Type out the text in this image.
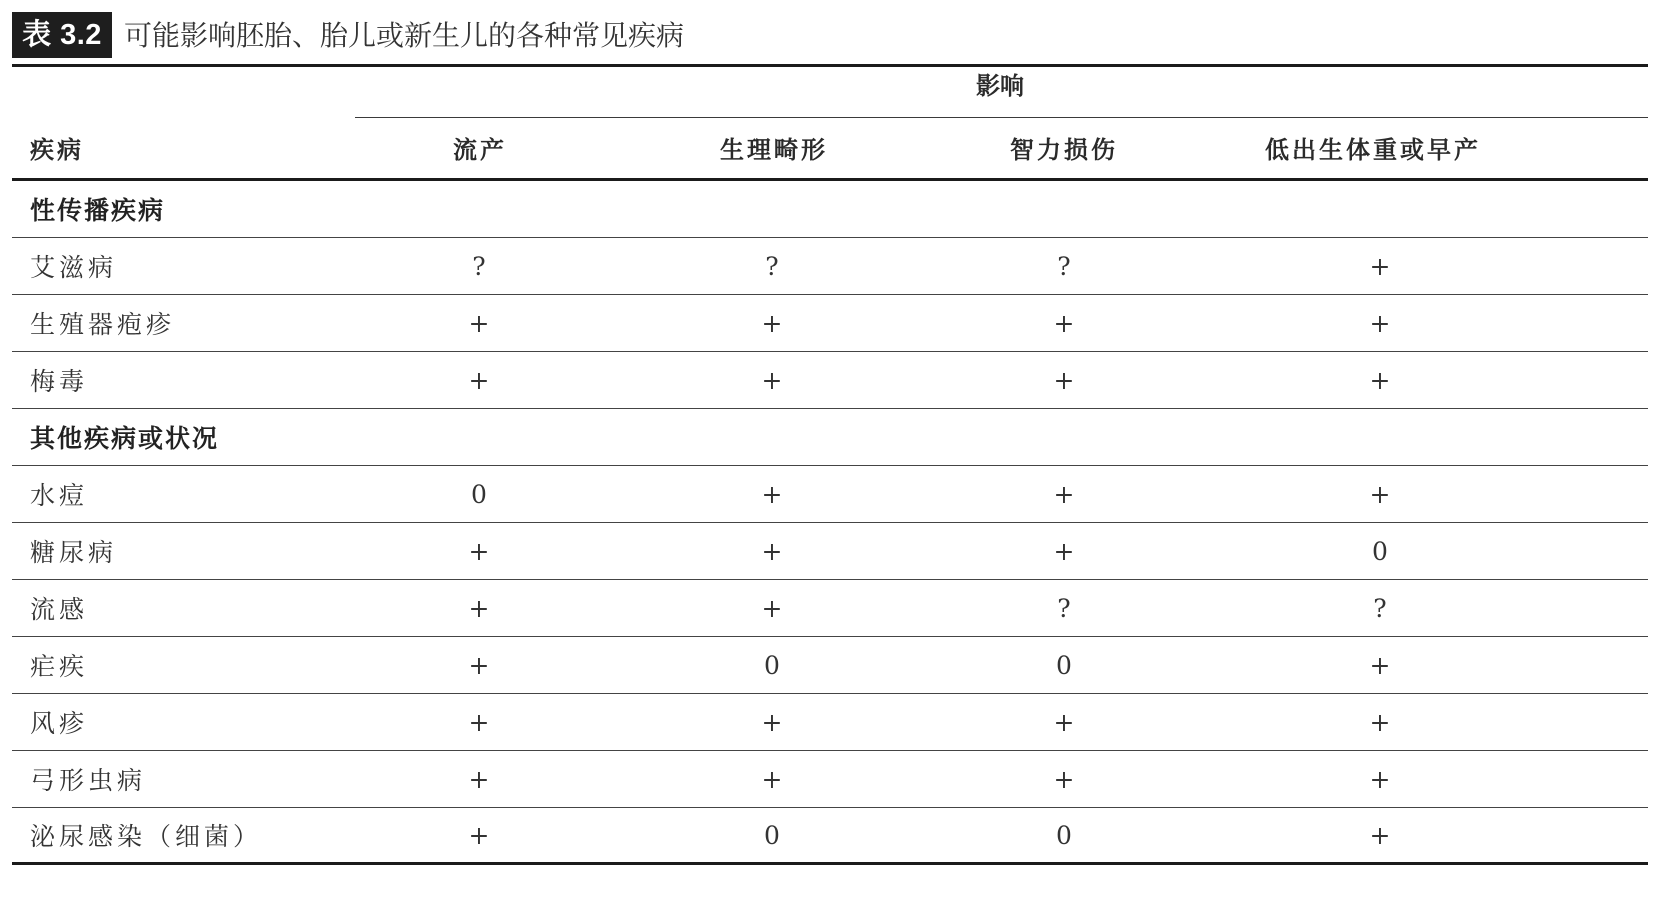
表 3.2 可能影响胚胎、胎儿或新生儿的各种常见疾病
影响
疾病	流产	生理畸形	智力损伤	低出生体重或早产
性传播疾病
艾滋病	?	?	?	+
生殖器疱疹	+	+	+	+
梅毒	+	+	+	+
其他疾病或状况
水痘	0	+	+	+
糖尿病	+	+	+	0
流感	+	+	?	?
疟疾	+	0	0	+
风疹	+	+	+	+
弓形虫病	+	+	+	+
泌尿感染（细菌）	+	0	0	+
